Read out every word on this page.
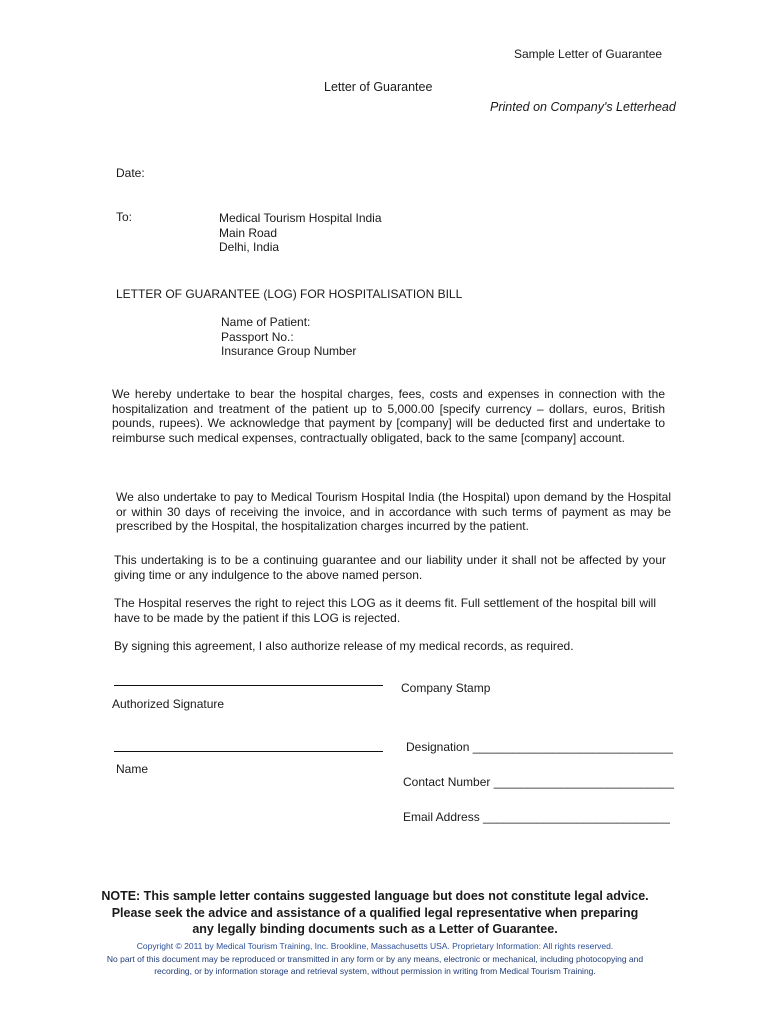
Sample Letter of Guarantee
Letter of Guarantee
Printed on Company's Letterhead
Date:
To:	Medical Tourism Hospital India
Main Road
Delhi, India
LETTER OF GUARANTEE (LOG) FOR HOSPITALISATION BILL
Name of Patient:
Passport No.:
Insurance Group Number
We hereby undertake to bear the hospital charges, fees, costs and expenses in connection with the hospitalization and treatment of the patient up to 5,000.00 [specify currency – dollars, euros, British pounds, rupees). We acknowledge that payment by [company] will be deducted first and undertake to reimburse such medical expenses, contractually obligated, back to the same [company] account.
We also undertake to pay to Medical Tourism Hospital India (the Hospital) upon demand by the Hospital or within 30 days of receiving the invoice, and in accordance with such terms of payment as may be prescribed by the Hospital, the hospitalization charges incurred by the patient.
This undertaking is to be a continuing guarantee and our liability under it shall not be affected by your giving time or any indulgence to the above named person.
The Hospital reserves the right to reject this LOG as it deems fit. Full settlement of the hospital bill will have to be made by the patient if this LOG is rejected.
By signing this agreement, I also authorize release of my medical records, as required.
Authorized Signature
Company Stamp
Name
Designation ______________________________
Contact Number ___________________________
Email Address ____________________________
NOTE: This sample letter contains suggested language but does not constitute legal advice.
Please seek the advice and assistance of a qualified legal representative when preparing
any legally binding documents such as a Letter of Guarantee.
Copyright © 2011 by Medical Tourism Training, Inc. Brookline, Massachusetts USA. Proprietary Information: All rights reserved.
No part of this document may be reproduced or transmitted in any form or by any means, electronic or mechanical, including photocopying and
recording, or by information storage and retrieval system, without permission in writing from Medical Tourism Training.
